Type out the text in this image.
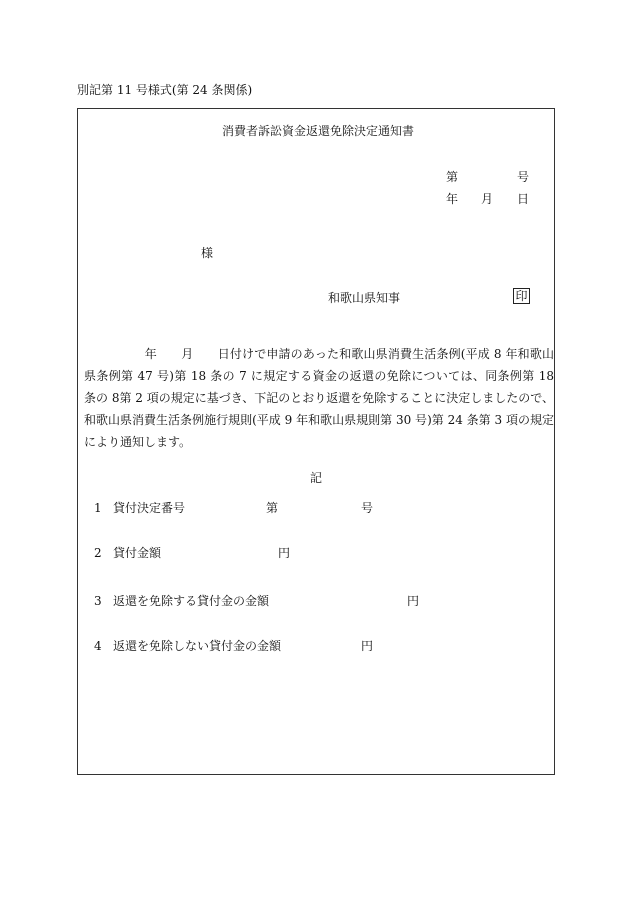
別記第 11 号様式(第 24 条関係)
消費者訴訟資金返還免除決定通知書
第	号
年 月 日
様
和歌山県知事	印
　　　　　年　　月　　日付けで申請のあった和歌山県消費生活条例(平成 8 年和歌山県条例第 47 号)第 18 条の 7 に規定する資金の返還の免除については、同条例第 18 条の 8第 2 項の規定に基づき、下記のとおり返還を免除することに決定しましたので、和歌山県消費生活条例施行規則(平成 9 年和歌山県規則第 30 号)第 24 条第 3 項の規定により通知します。
記
1 貸付決定番号	第	号
2 貸付金額	円
3 返還を免除する貸付金の金額	円
4 返還を免除しない貸付金の金額	円
